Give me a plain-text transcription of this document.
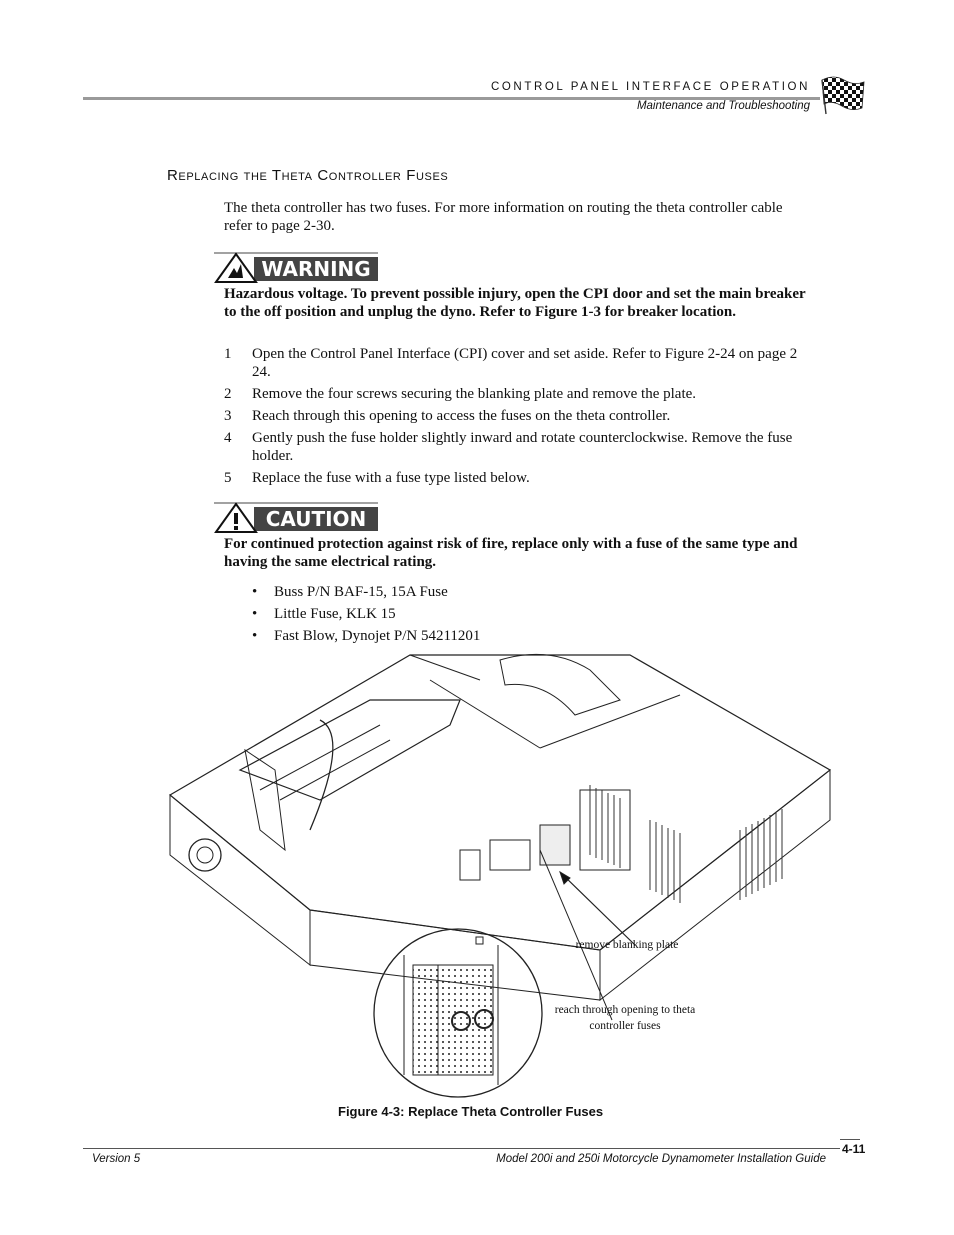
CONTROL PANEL INTERFACE OPERATION
Maintenance and Troubleshooting
Replacing the Theta Controller Fuses
The theta controller has two fuses. For more information on routing the theta controller cable refer to page 2-30.
WARNING
Hazardous voltage. To prevent possible injury, open the CPI door and set the main breaker to the off position and unplug the dyno. Refer to Figure 1-3 for breaker location.
1 Open the Control Panel Interface (CPI) cover and set aside. Refer to Figure 2-24 on page 2 24.
2 Remove the four screws securing the blanking plate and remove the plate.
3 Reach through this opening to access the fuses on the theta controller.
4 Gently push the fuse holder slightly inward and rotate counterclockwise. Remove the fuse holder.
5 Replace the fuse with a fuse type listed below.
CAUTION
For continued protection against risk of fire, replace only with a fuse of the same type and having the same electrical rating.
• Buss P/N BAF-15, 15A Fuse
• Little Fuse, KLK 15
• Fast Blow, Dynojet P/N 54211201
remove blanking plate
reach through opening to theta controller fuses
Figure 4-3: Replace Theta Controller Fuses
4-11
Version 5	Model 200i and 250i Motorcycle Dynamometer Installation Guide
